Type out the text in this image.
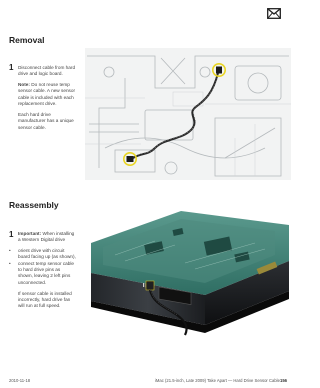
Removal
1 Disconnect cable from hard drive and logic board.

Note: Do not reuse temp sensor cable. A new sensor cable is included with each replacement drive.

Each hard drive manufacturer has a unique sensor cable.

Reassembly
1 Important: When installing a Western Digital drive

•	orient drive with circuit board facing up (as shown),
•	connect temp sensor cable to hard drive pins as shown, leaving 2 left pins unconnected.

If sensor cable is installed incorrectly, hard drive fan will run at full speed.

2010-11-18	iMac (21.5-inch, Late 2009) Take Apart — Hard Drive Sensor Cable 156
